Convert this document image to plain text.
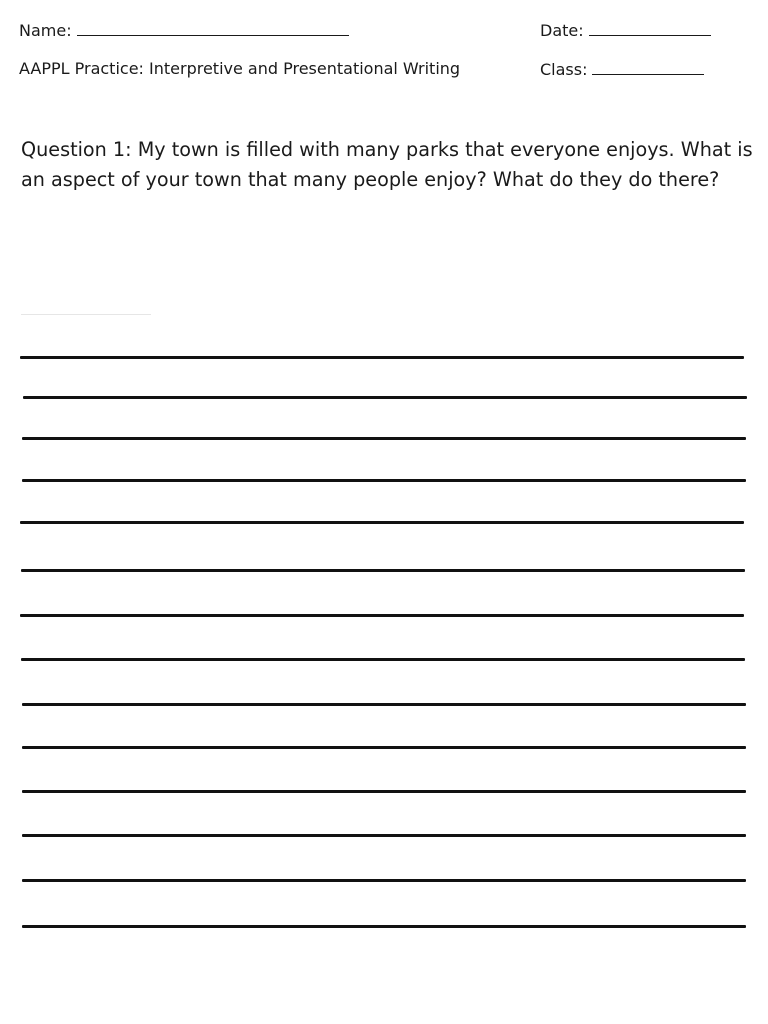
Name:	Date:
AAPPL Practice: Interpretive and Presentational Writing	Class:
Question 1: My town is filled with many parks that everyone enjoys. What is an aspect of your town that many people enjoy? What do they do there?
